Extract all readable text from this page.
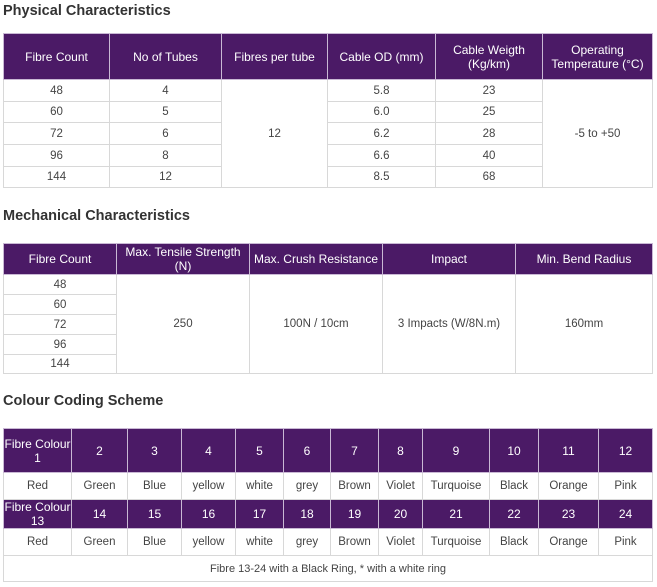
Physical Characteristics
Fibre Count	No of Tubes	Fibres per tube	Cable OD (mm)	Cable Weigth (Kg/km)	Operating Temperature (°C)
48	4	12	5.8	23	-5 to +50
60	5		6.0	25	
72	6		6.2	28	
96	8		6.6	40	
144	12		8.5	68	
Mechanical Characteristics
Fibre Count	Max. Tensile Strength (N)	Max. Crush Resistance	Impact	Min. Bend Radius
48	250	100N / 10cm	3 Impacts (W/8N.m)	160mm
60				
72				
96				
144				
Colour Coding Scheme
Fibre Colour 1	2	3	4	5	6	7	8	9	10	11	12
Red	Green	Blue	yellow	white	grey	Brown	Violet	Turquoise	Black	Orange	Pink
Fibre Colour 13	14	15	16	17	18	19	20	21	22	23	24
Red	Green	Blue	yellow	white	grey	Brown	Violet	Turquoise	Black	Orange	Pink
Fibre 13-24 with a Black Ring, * with a white ring											
